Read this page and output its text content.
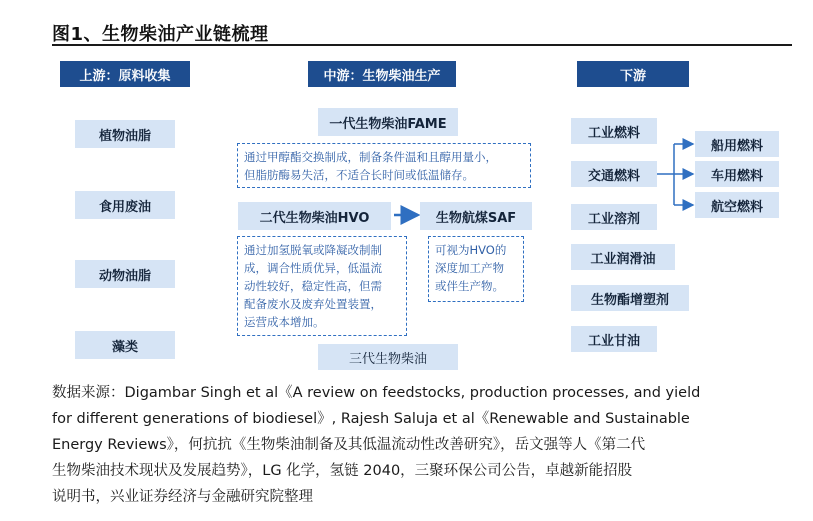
图1、生物柴油产业链梳理
上游：原料收集	中游：生物柴油生产	下游
植物油脂
食用废油
动物油脂
藻类
一代生物柴油FAME
通过甲醇酯交换制成，制备条件温和且醇用量小，
但脂肪酶易失活，不适合长时间或低温储存。
二代生物柴油HVO	生物航煤SAF
通过加氢脱氧或降凝改制制
成，调合性质优异，低温流
动性较好，稳定性高，但需
配备废水及废弃处置装置，
运营成本增加。
可视为HVO的
深度加工产物
或伴生产物。
三代生物柴油
工业燃料
交通燃料
工业溶剂
工业润滑油
生物酯增塑剂
工业甘油
船用燃料
车用燃料
航空燃料
数据来源：Digambar Singh et al《A review on feedstocks, production processes, and yield
for different generations of biodiesel》, Rajesh Saluja et al《Renewable and Sustainable
Energy Reviews》，何抗抗《生物柴油制备及其低温流动性改善研究》，岳文强等人《第二代
生物柴油技术现状及发展趋势》，LG 化学，氢链 2040，三聚环保公司公告，卓越新能招股
说明书，兴业证券经济与金融研究院整理
